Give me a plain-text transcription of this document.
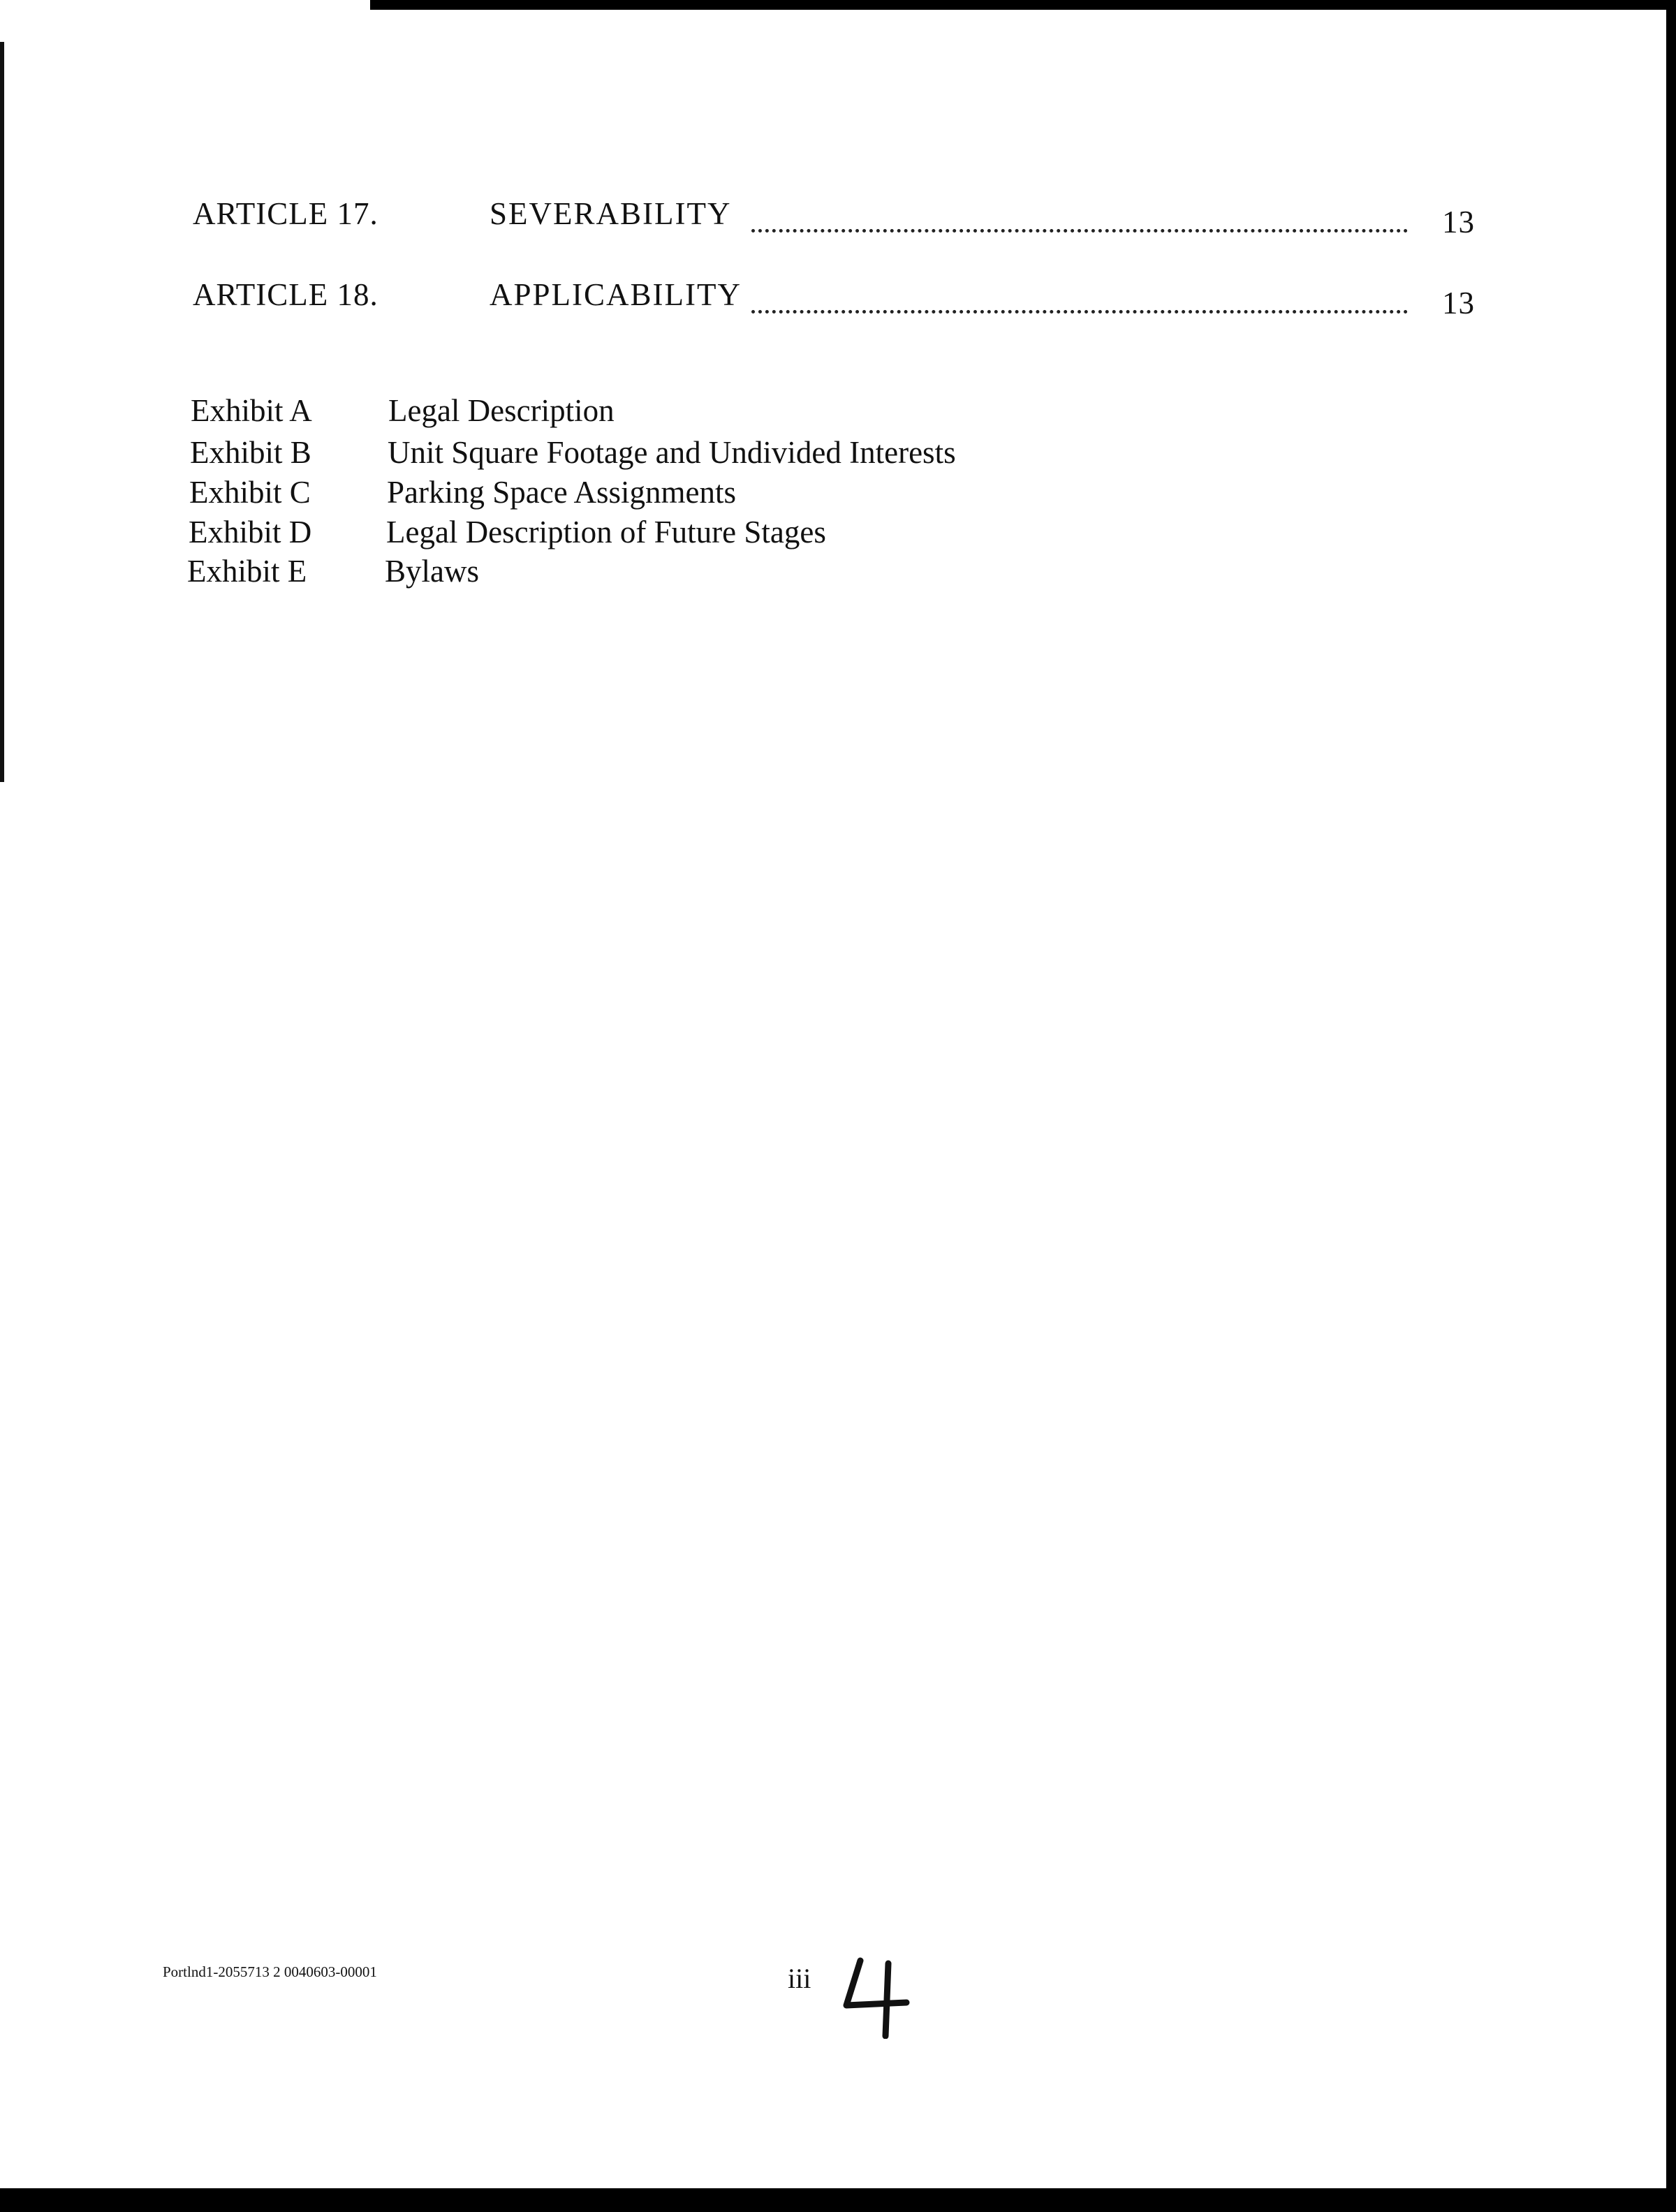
ARTICLE 17.	SEVERABILITY	13
ARTICLE 18.	APPLICABILITY	13
Exhibit A Legal Description
Exhibit B Unit Square Footage and Undivided Interests
Exhibit C Parking Space Assignments
Exhibit D Legal Description of Future Stages
Exhibit E Bylaws
Portlnd1-2055713 2 0040603-00001	iii
